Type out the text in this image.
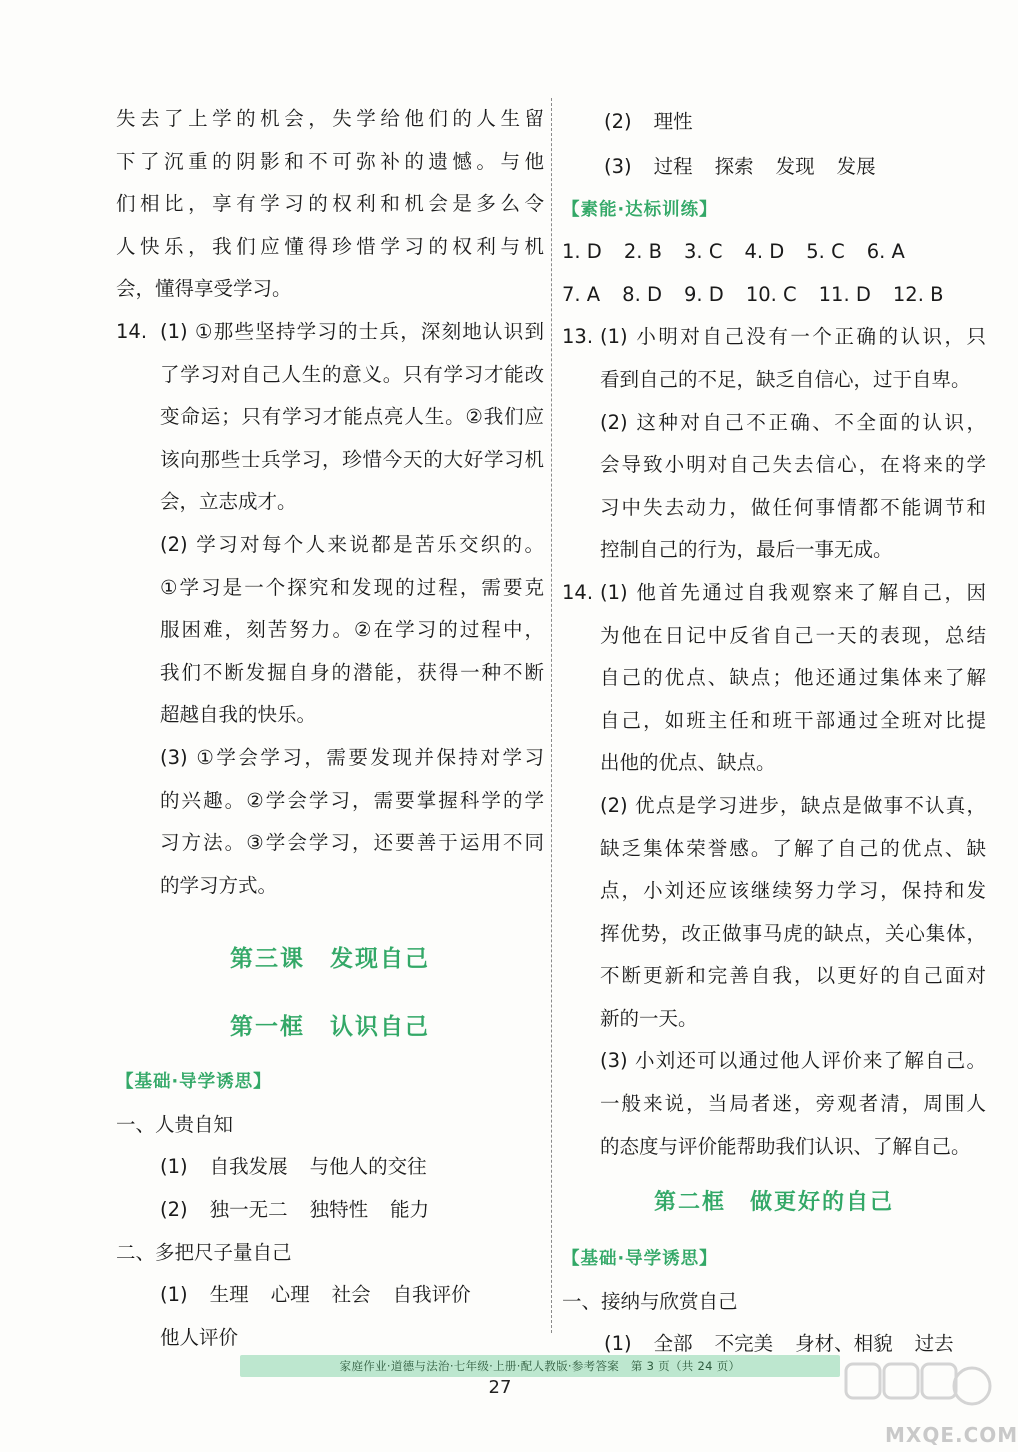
失去了上学的机会，失学给他们的人生留
下了沉重的阴影和不可弥补的遗憾。与他
们相比，享有学习的权利和机会是多么令
人快乐，我们应懂得珍惜学习的权利与机
会，懂得享受学习。
14. (1) ①那些坚持学习的士兵，深刻地认识到
了学习对自己人生的意义。只有学习才能改
变命运；只有学习才能点亮人生。②我们应
该向那些士兵学习，珍惜今天的大好学习机
会，立志成才。
(2) 学习对每个人来说都是苦乐交织的。
①学习是一个探究和发现的过程，需要克
服困难，刻苦努力。②在学习的过程中，
我们不断发掘自身的潜能，获得一种不断
超越自我的快乐。
(3) ①学会学习，需要发现并保持对学习
的兴趣。②学会学习，需要掌握科学的学
习方法。③学会学习，还要善于运用不同
的学习方式。
第三课　发现自己
第一框　认识自己
【基础·导学诱思】
一、人贵自知
(1) 自我发展 与他人的交往
(2) 独一无二 独特性 能力
二、多把尺子量自己
(1) 生理 心理 社会 自我评价
他人评价
(2) 理性
(3) 过程 探索 发现 发展
【素能·达标训练】
1. D 2. B 3. C 4. D 5. C 6. A
7. A 8. D 9. D 10. C 11. D 12. B
13. (1) 小明对自己没有一个正确的认识，只
看到自己的不足，缺乏自信心，过于自卑。
(2) 这种对自己不正确、不全面的认识，
会导致小明对自己失去信心，在将来的学
习中失去动力，做任何事情都不能调节和
控制自己的行为，最后一事无成。
14. (1) 他首先通过自我观察来了解自己，因
为他在日记中反省自己一天的表现，总结
自己的优点、缺点；他还通过集体来了解
自己，如班主任和班干部通过全班对比提
出他的优点、缺点。
(2) 优点是学习进步，缺点是做事不认真，
缺乏集体荣誉感。了解了自己的优点、缺
点，小刘还应该继续努力学习，保持和发
挥优势，改正做事马虎的缺点，关心集体，
不断更新和完善自我，以更好的自己面对
新的一天。
(3) 小刘还可以通过他人评价来了解自己。
一般来说，当局者迷，旁观者清，周围人
的态度与评价能帮助我们认识、了解自己。
第二框　做更好的自己
【基础·导学诱思】
一、接纳与欣赏自己
(1) 全部 不完美 身材、相貌 过去
家庭作业·道德与法治·七年级·上册·配人教版·参考答案　第 3 页（共 24 页）
27
MXQE.COM
